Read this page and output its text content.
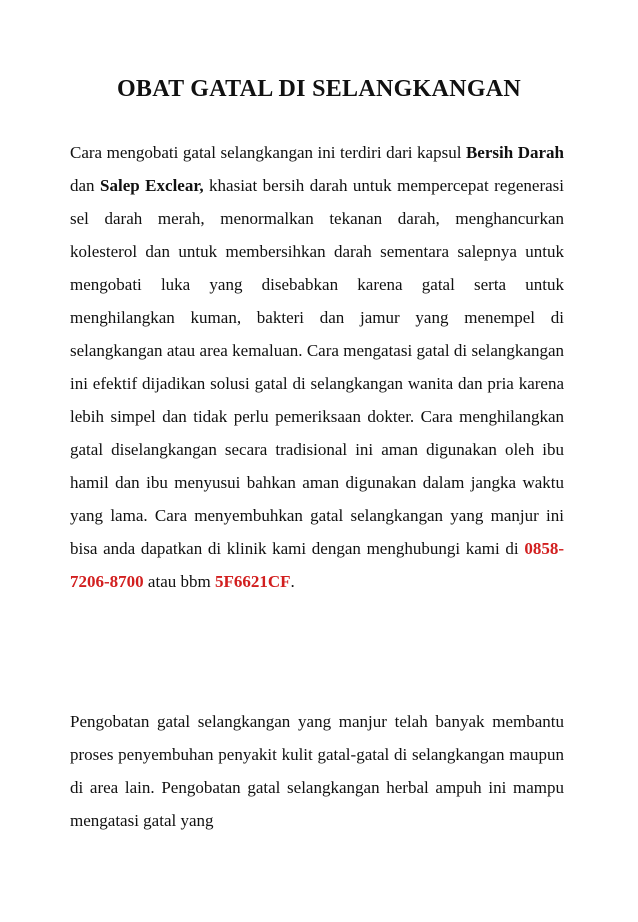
OBAT GATAL DI SELANGKANGAN

Cara mengobati gatal selangkangan ini terdiri dari kapsul Bersih Darah dan Salep Exclear, khasiat bersih darah untuk mempercepat regenerasi sel darah merah, menormalkan tekanan darah, menghancurkan kolesterol dan untuk membersihkan darah sementara salepnya untuk mengobati luka yang disebabkan karena gatal serta untuk menghilangkan kuman, bakteri dan jamur yang menempel di selangkangan atau area kemaluan. Cara mengatasi gatal di selangkangan ini efektif dijadikan solusi gatal di selangkangan wanita dan pria karena lebih simpel dan tidak perlu pemeriksaan dokter. Cara menghilangkan gatal diselangkangan secara tradisional ini aman digunakan oleh ibu hamil dan ibu menyusui bahkan aman digunakan dalam jangka waktu yang lama. Cara menyembuhkan gatal selangkangan yang manjur ini bisa anda dapatkan di klinik kami dengan menghubungi kami di 0858-7206-8700 atau bbm 5F6621CF.

Pengobatan gatal selangkangan yang manjur telah banyak membantu proses penyembuhan penyakit kulit gatal-gatal di selangkangan maupun di area lain. Pengobatan gatal selangkangan herbal ampuh ini mampu mengatasi gatal yang
